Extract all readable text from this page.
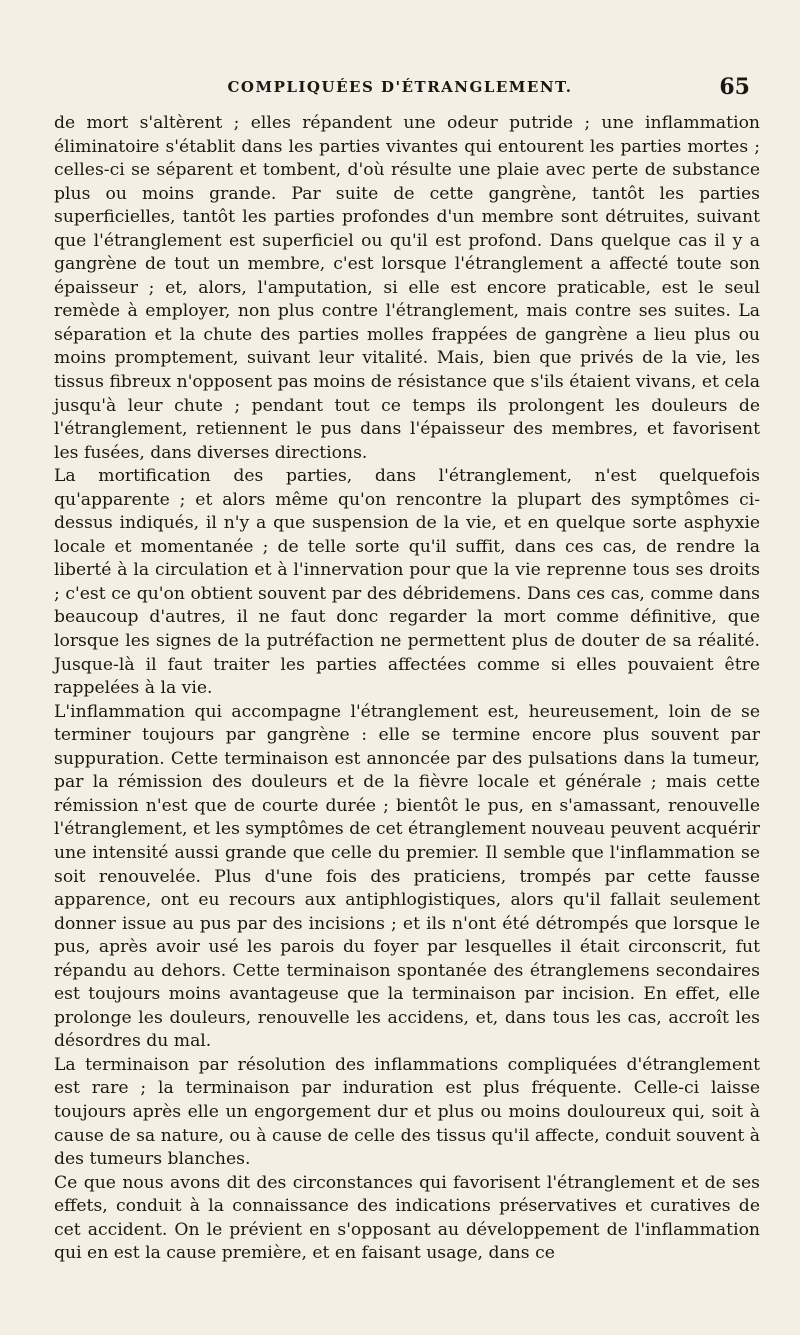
COMPLIQUÉES D'ÉTRANGLEMENT.	65

de mort s'altèrent ; elles répandent une odeur putride ; une inflammation éliminatoire s'établit dans les parties vivantes qui entourent les parties mortes ; celles-ci se séparent et tombent, d'où résulte une plaie avec perte de substance plus ou moins grande. Par suite de cette gangrène, tantôt les parties superficielles, tantôt les parties profondes d'un membre sont détruites, suivant que l'étranglement est superficiel ou qu'il est profond. Dans quelque cas il y a gangrène de tout un membre, c'est lorsque l'étranglement a affecté toute son épaisseur ; et, alors, l'amputation, si elle est encore praticable, est le seul remède à employer, non plus contre l'étranglement, mais contre ses suites. La séparation et la chute des parties molles frappées de gangrène a lieu plus ou moins promptement, suivant leur vitalité. Mais, bien que privés de la vie, les tissus fibreux n'opposent pas moins de résistance que s'ils étaient vivans, et cela jusqu'à leur chute ; pendant tout ce temps ils prolongent les douleurs de l'étranglement, retiennent le pus dans l'épaisseur des membres, et favorisent les fusées, dans diverses directions.

La mortification des parties, dans l'étranglement, n'est quelquefois qu'apparente ; et alors même qu'on rencontre la plupart des symptômes ci-dessus indiqués, il n'y a que suspension de la vie, et en quelque sorte asphyxie locale et momentanée ; de telle sorte qu'il suffit, dans ces cas, de rendre la liberté à la circulation et à l'innervation pour que la vie reprenne tous ses droits ; c'est ce qu'on obtient souvent par des débridemens. Dans ces cas, comme dans beaucoup d'autres, il ne faut donc regarder la mort comme définitive, que lorsque les signes de la putréfaction ne permettent plus de douter de sa réalité. Jusque-là il faut traiter les parties affectées comme si elles pouvaient être rappelées à la vie.

L'inflammation qui accompagne l'étranglement est, heureusement, loin de se terminer toujours par gangrène : elle se termine encore plus souvent par suppuration. Cette terminaison est annoncée par des pulsations dans la tumeur, par la rémission des douleurs et de la fièvre locale et générale ; mais cette rémission n'est que de courte durée ; bientôt le pus, en s'amassant, renouvelle l'étranglement, et les symptômes de cet étranglement nouveau peuvent acquérir une intensité aussi grande que celle du premier. Il semble que l'inflammation se soit renouvelée. Plus d'une fois des praticiens, trompés par cette fausse apparence, ont eu recours aux antiphlogistiques, alors qu'il fallait seulement donner issue au pus par des incisions ; et ils n'ont été détrompés que lorsque le pus, après avoir usé les parois du foyer par lesquelles il était circonscrit, fut répandu au dehors. Cette terminaison spontanée des étranglemens secondaires est toujours moins avantageuse que la terminaison par incision. En effet, elle prolonge les douleurs, renouvelle les accidens, et, dans tous les cas, accroît les désordres du mal.

La terminaison par résolution des inflammations compliquées d'étranglement est rare ; la terminaison par induration est plus fréquente. Celle-ci laisse toujours après elle un engorgement dur et plus ou moins douloureux qui, soit à cause de sa nature, ou à cause de celle des tissus qu'il affecte, conduit souvent à des tumeurs blanches.

Ce que nous avons dit des circonstances qui favorisent l'étranglement et de ses effets, conduit à la connaissance des indications préservatives et curatives de cet accident. On le prévient en s'opposant au développement de l'inflammation qui en est la cause première, et en faisant usage, dans ce
